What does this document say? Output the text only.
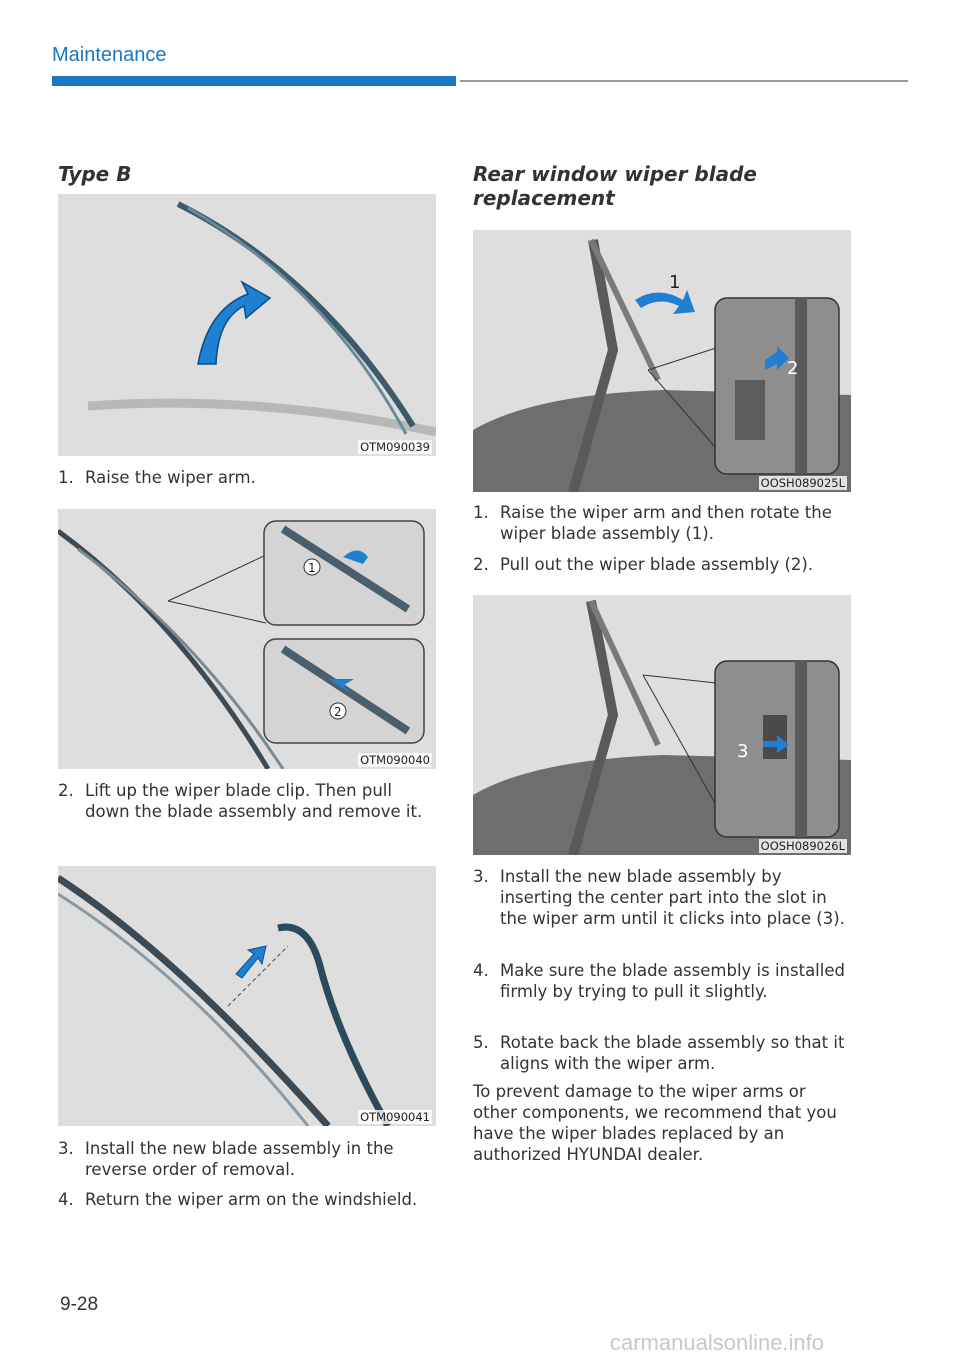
Maintenance
Type B
OTM090039
1. Raise the wiper arm.
1
2
OTM090040
2. Lift up the wiper blade clip. Then pull down the blade assembly and remove it.
OTM090041
3. Install the new blade assembly in the reverse order of removal.
4. Return the wiper arm on the windshield.
Rear window wiper blade replacement
1
2
OOSH089025L
1. Raise the wiper arm and then rotate the wiper blade assembly (1).
2. Pull out the wiper blade assembly (2).
3
OOSH089026L
3. Install the new blade assembly by inserting the center part into the slot in the wiper arm until it clicks into place (3).
4. Make sure the blade assembly is installed firmly by trying to pull it slightly.
5. Rotate back the blade assembly so that it aligns with the wiper arm.
To prevent damage to the wiper arms or other components, we recommend that you have the wiper blades replaced by an authorized HYUNDAI dealer.
9-28
carmanualsonline.info
